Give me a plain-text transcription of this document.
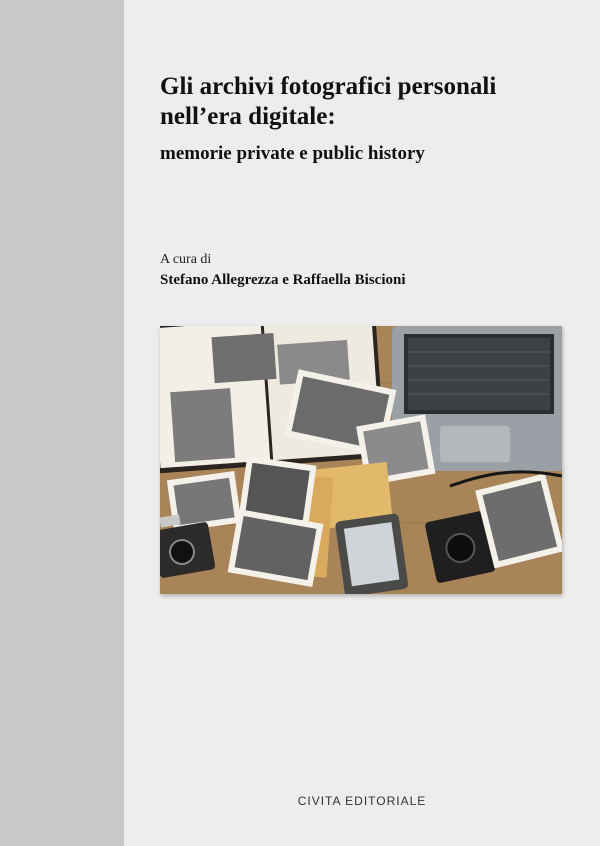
Gli archivi fotografici personali
nell’era digitale:
memorie private e public history
A cura di
Stefano Allegrezza e Raffaella Biscioni
CIVITA EDITORIALE
